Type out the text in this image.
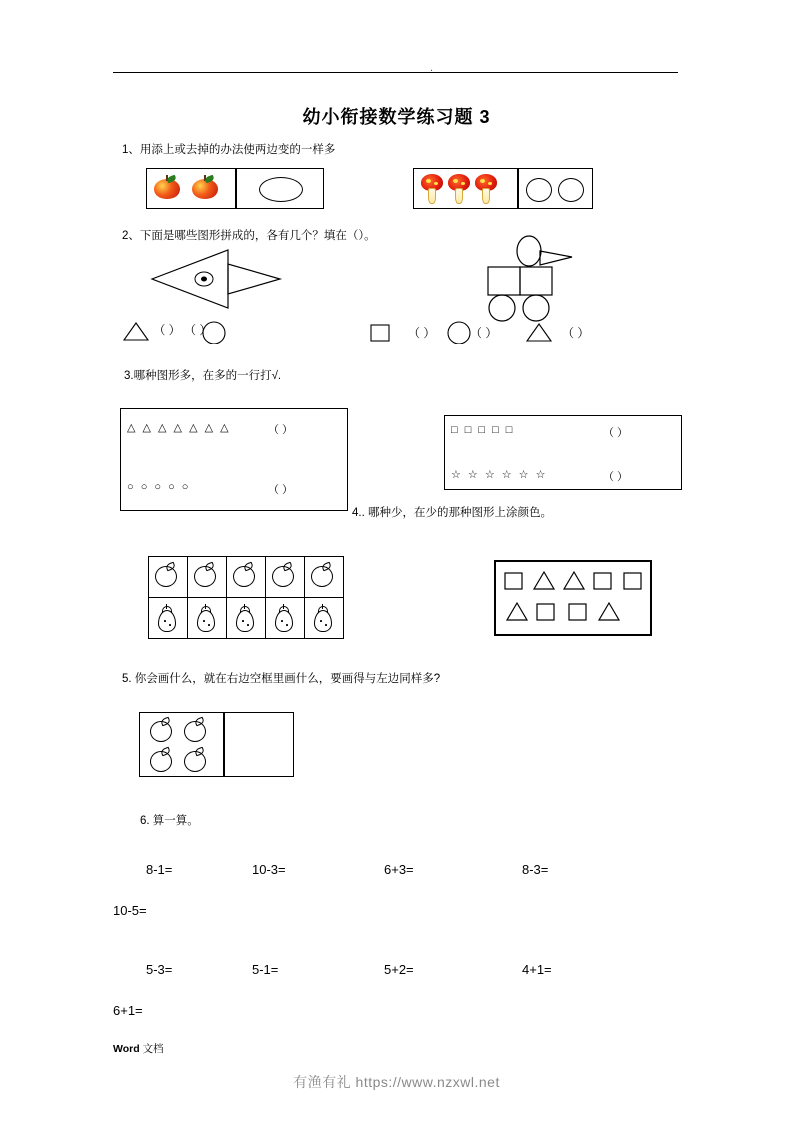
.
幼小衔接数学练习题 3
1、用添上或去掉的办法使两边变的一样多
2、下面是哪些图形拼成的，各有几个？填在（）。
（ ） （ ）
	（ ）	（ ）	（ ）
3.哪种图形多，在多的一行打√.
△ △ △ △ △ △ △	（ ）
○ ○ ○ ○ ○	（ ）
□ □ □ □ □	（ ）
☆ ☆ ☆ ☆ ☆ ☆	（ ）
4.. 哪种少，在少的那种图形上涂颜色。
5. 你会画什么，就在右边空框里画什么，要画得与左边同样多?
6. 算一算。
8-1=	10-3=	6+3=	8-3=
10-5=
5-3=	5-1=	5+2=	4+1=
6+1=
Word 文档
有渔有礼 https://www.nzxwl.net
